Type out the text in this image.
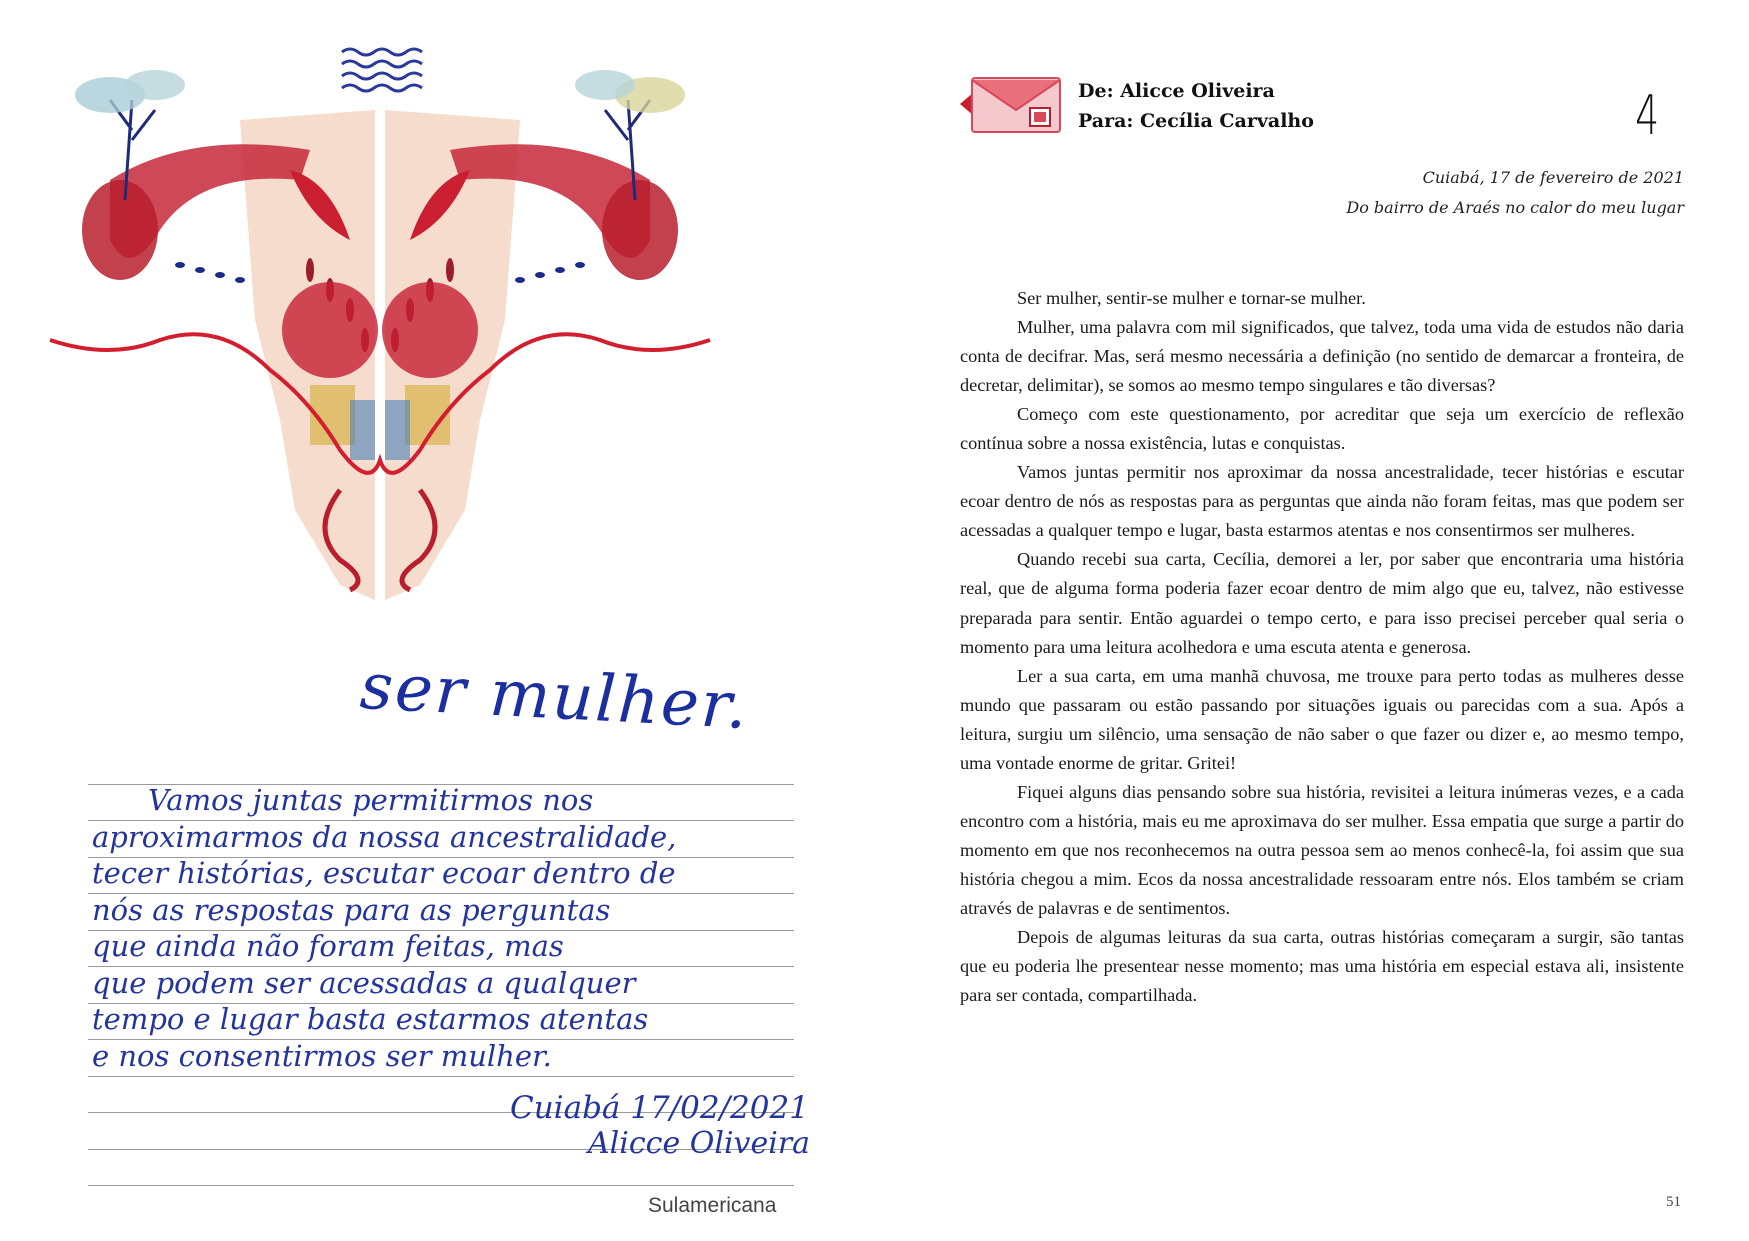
ser mulher.
Vamos juntas permitirmos nos
aproximarmos da nossa ancestralidade,
tecer histórias, escutar ecoar dentro de
nós as respostas para as perguntas
que ainda não foram feitas, mas
que podem ser acessadas a qualquer
tempo e lugar basta estarmos atentas
e nos consentirmos ser mulher.
Cuiabá 17/02/2021
Alicce Oliveira
Sulamericana
De: Alicce Oliveira
Para: Cecília Carvalho	4
Cuiabá, 17 de fevereiro de 2021
Do bairro de Araés no calor do meu lugar

Ser mulher, sentir-se mulher e tornar-se mulher.

Mulher, uma palavra com mil significados, que talvez, toda uma vida de estudos não daria conta de decifrar. Mas, será mesmo necessária a definição (no sentido de demarcar a fronteira, de decretar, delimitar), se somos ao mesmo tempo singulares e tão diversas?

Começo com este questionamento, por acreditar que seja um exercício de reflexão contínua sobre a nossa existência, lutas e conquistas.

Vamos juntas permitir nos aproximar da nossa ancestralidade, tecer histórias e escutar ecoar dentro de nós as respostas para as perguntas que ainda não foram feitas, mas que podem ser acessadas a qualquer tempo e lugar, basta estarmos atentas e nos consentirmos ser mulheres.

Quando recebi sua carta, Cecília, demorei a ler, por saber que encontraria uma história real, que de alguma forma poderia fazer ecoar dentro de mim algo que eu, talvez, não estivesse preparada para sentir. Então aguardei o tempo certo, e para isso precisei perceber qual seria o momento para uma leitura acolhedora e uma escuta atenta e generosa.

Ler a sua carta, em uma manhã chuvosa, me trouxe para perto todas as mulheres desse mundo que passaram ou estão passando por situações iguais ou parecidas com a sua. Após a leitura, surgiu um silêncio, uma sensação de não saber o que fazer ou dizer e, ao mesmo tempo, uma vontade enorme de gritar. Gritei!

Fiquei alguns dias pensando sobre sua história, revisitei a leitura inúmeras vezes, e a cada encontro com a história, mais eu me aproximava do ser mulher. Essa empatia que surge a partir do momento em que nos reconhecemos na outra pessoa sem ao menos conhecê-la, foi assim que sua história chegou a mim. Ecos da nossa ancestralidade ressoaram entre nós. Elos também se criam através de palavras e de sentimentos.

Depois de algumas leituras da sua carta, outras histórias começaram a surgir, são tantas que eu poderia lhe presentear nesse momento; mas uma história em especial estava ali, insistente para ser contada, compartilhada.

51
